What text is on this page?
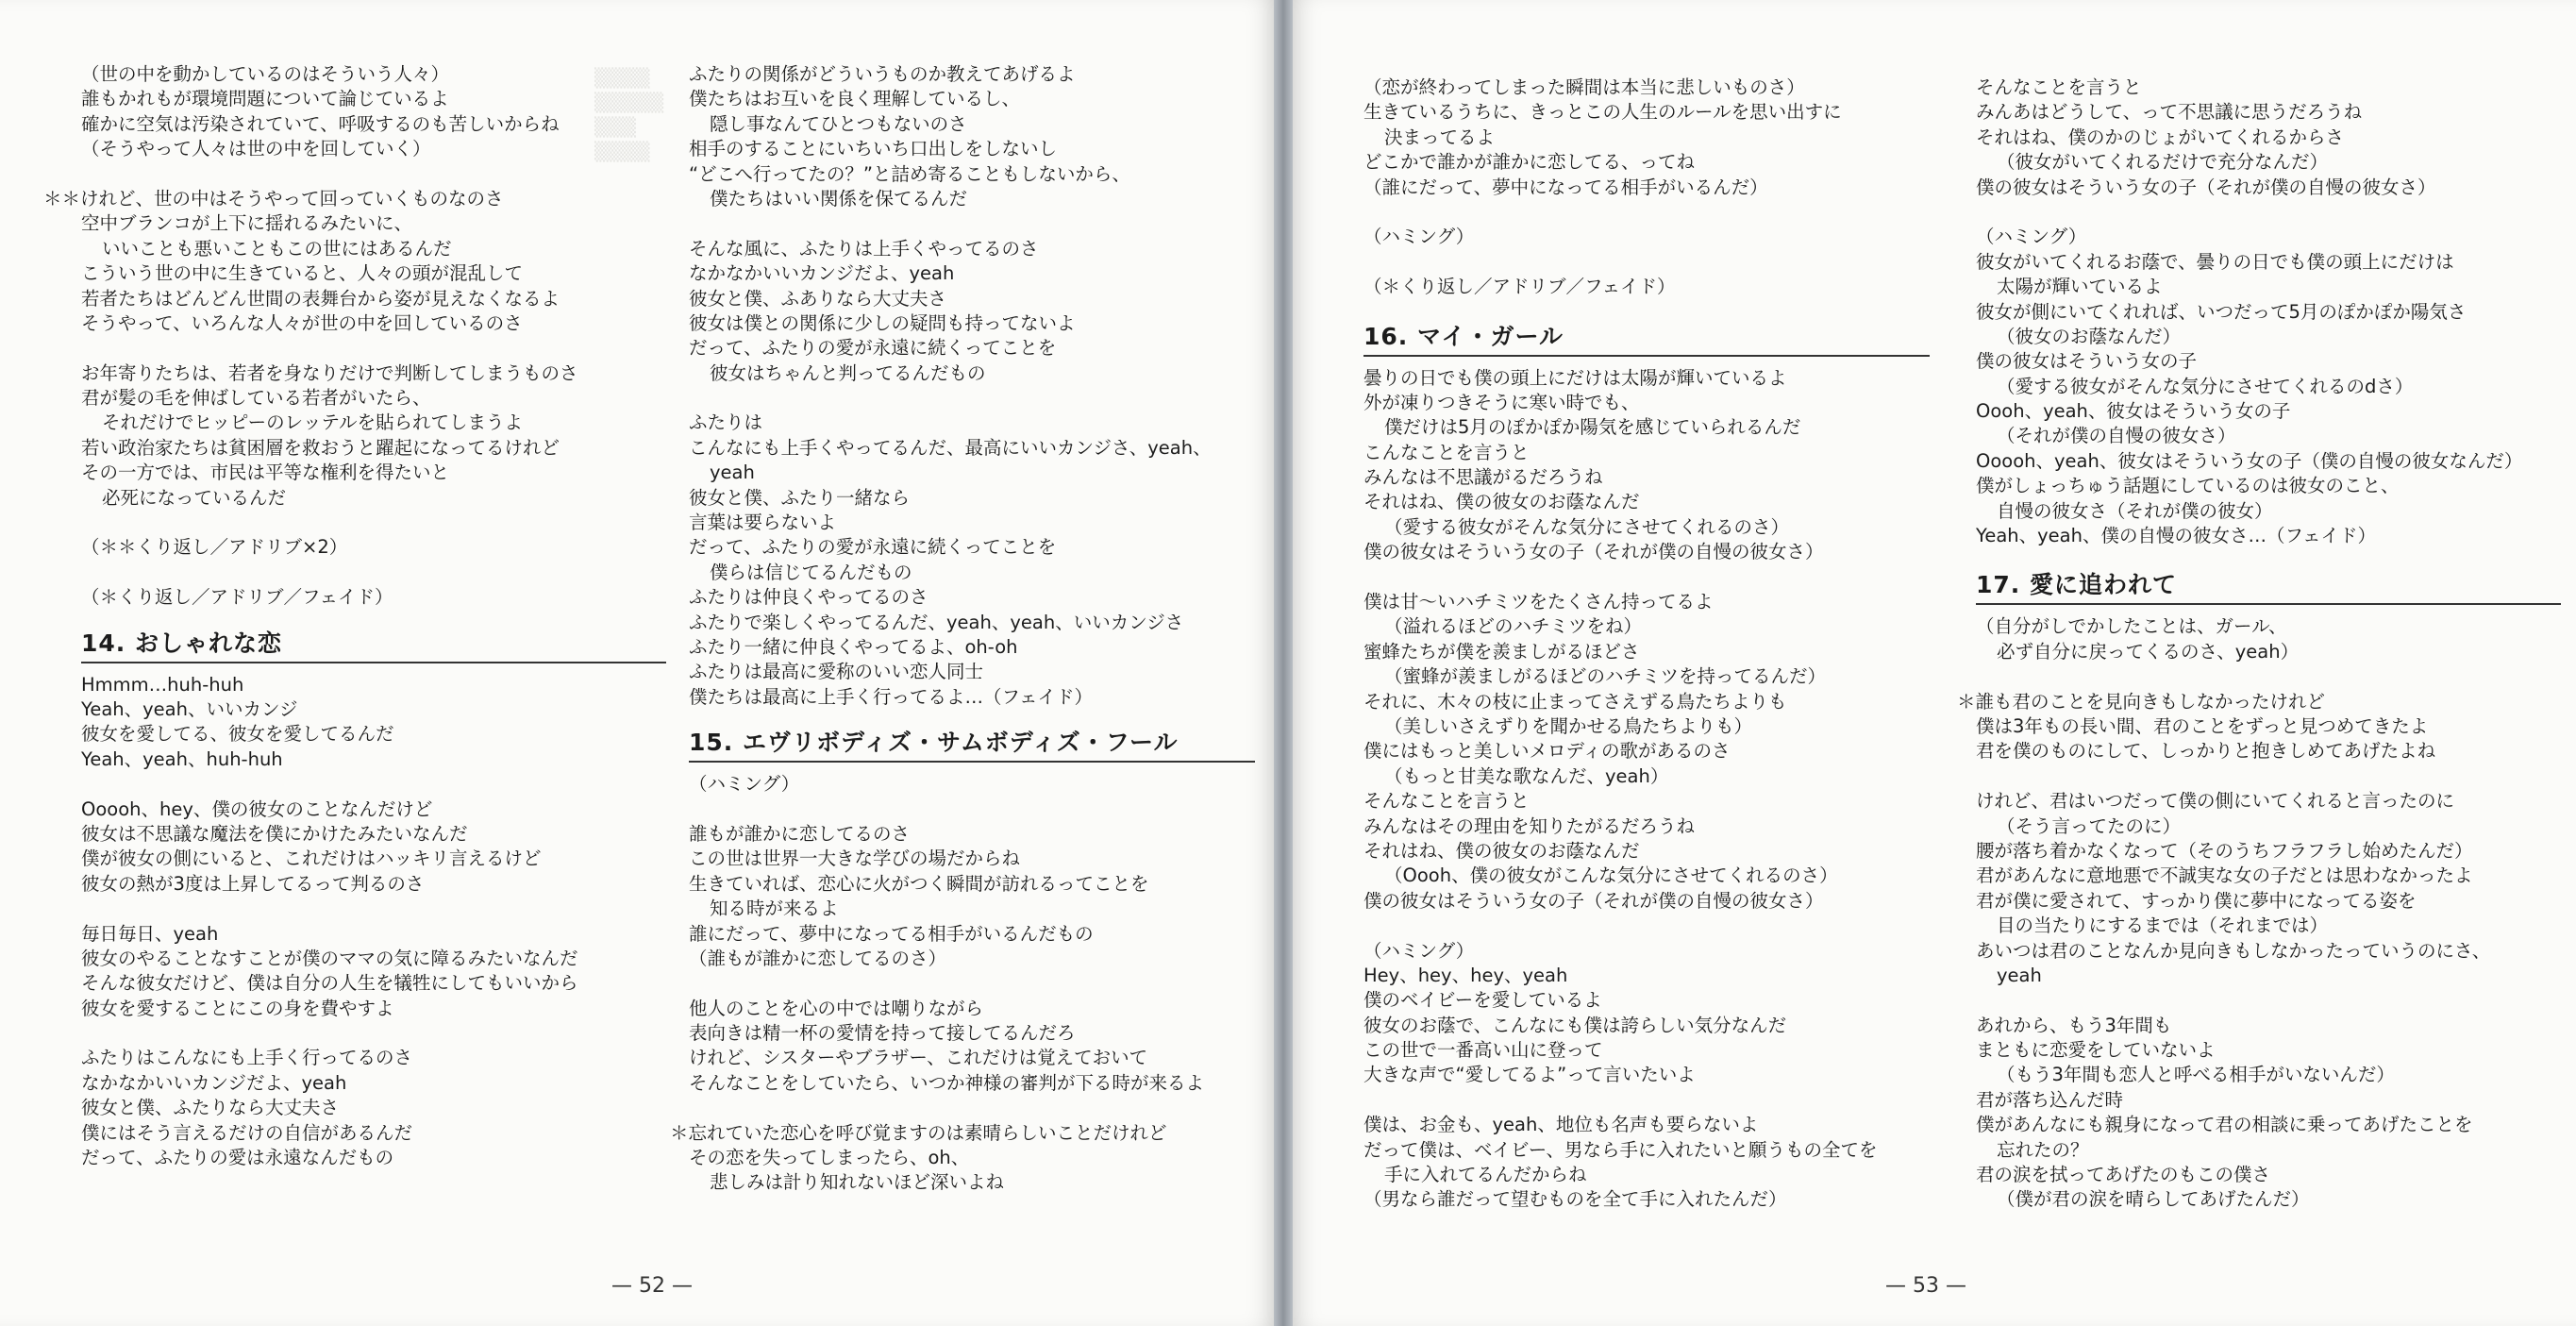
▒▒▒▒
▒▒▒▒▒
▒▒▒
▒▒▒▒
（世の中を動かしているのはそういう人々）
誰もかれもが環境問題について論じているよ
確かに空気は汚染されていて、呼吸するのも苦しいからね
（そうやって人々は世の中を回していく）
＊＊けれど、世の中はそうやって回っていくものなのさ
空中ブランコが上下に揺れるみたいに、
いいことも悪いこともこの世にはあるんだ
こういう世の中に生きていると、人々の頭が混乱して
若者たちはどんどん世間の表舞台から姿が見えなくなるよ
そうやって、いろんな人々が世の中を回しているのさ
お年寄りたちは、若者を身なりだけで判断してしまうものさ
君が髪の毛を伸ばしている若者がいたら、
それだけでヒッピーのレッテルを貼られてしまうよ
若い政治家たちは貧困層を救おうと躍起になってるけれど
その一方では、市民は平等な権利を得たいと
必死になっているんだ
（＊＊くり返し／アドリブ×2）
（＊くり返し／アドリブ／フェイド）
14. おしゃれな恋
Hmmm…huh-huh
Yeah、yeah、いいカンジ
彼女を愛してる、彼女を愛してるんだ
Yeah、yeah、huh-huh
Ooooh、hey、僕の彼女のことなんだけど
彼女は不思議な魔法を僕にかけたみたいなんだ
僕が彼女の側にいると、これだけはハッキリ言えるけど
彼女の熱が3度は上昇してるって判るのさ
毎日毎日、yeah
彼女のやることなすことが僕のママの気に障るみたいなんだ
そんな彼女だけど、僕は自分の人生を犠牲にしてもいいから
彼女を愛することにこの身を費やすよ
ふたりはこんなにも上手く行ってるのさ
なかなかいいカンジだよ、yeah
彼女と僕、ふたりなら大丈夫さ
僕にはそう言えるだけの自信があるんだ
だって、ふたりの愛は永遠なんだもの
ふたりの関係がどういうものか教えてあげるよ
僕たちはお互いを良く理解しているし、
隠し事なんてひとつもないのさ
相手のすることにいちいち口出しをしないし
“どこへ行ってたの？”と詰め寄ることもしないから、
僕たちはいい関係を保てるんだ
そんな風に、ふたりは上手くやってるのさ
なかなかいいカンジだよ、yeah
彼女と僕、ふありなら大丈夫さ
彼女は僕との関係に少しの疑問も持ってないよ
だって、ふたりの愛が永遠に続くってことを
彼女はちゃんと判ってるんだもの
ふたりは
こんなにも上手くやってるんだ、最高にいいカンジさ、yeah、
yeah
彼女と僕、ふたり一緒なら
言葉は要らないよ
だって、ふたりの愛が永遠に続くってことを
僕らは信じてるんだもの
ふたりは仲良くやってるのさ
ふたりで楽しくやってるんだ、yeah、yeah、いいカンジさ
ふたり一緒に仲良くやってるよ、oh-oh
ふたりは最高に愛称のいい恋人同士
僕たちは最高に上手く行ってるよ…（フェイド）
15. エヴリボディズ・サムボディズ・フール
（ハミング）
誰もが誰かに恋してるのさ
この世は世界一大きな学びの場だからね
生きていれば、恋心に火がつく瞬間が訪れるってことを
知る時が来るよ
誰にだって、夢中になってる相手がいるんだもの
（誰もが誰かに恋してるのさ）
他人のことを心の中では嘲りながら
表向きは精一杯の愛情を持って接してるんだろ
けれど、シスターやブラザー、これだけは覚えておいて
そんなことをしていたら、いつか神様の審判が下る時が来るよ
＊忘れていた恋心を呼び覚ますのは素晴らしいことだけれど
その恋を失ってしまったら、oh、
悲しみは計り知れないほど深いよね
— 52 —
（恋が終わってしまった瞬間は本当に悲しいものさ）
生きているうちに、きっとこの人生のルールを思い出すに
決まってるよ
どこかで誰かが誰かに恋してる、ってね
（誰にだって、夢中になってる相手がいるんだ）
（ハミング）
（＊くり返し／アドリブ／フェイド）
16. マイ・ガール
曇りの日でも僕の頭上にだけは太陽が輝いているよ
外が凍りつきそうに寒い時でも、
僕だけは5月のぽかぽか陽気を感じていられるんだ
こんなことを言うと
みんなは不思議がるだろうね
それはね、僕の彼女のお蔭なんだ
（愛する彼女がそんな気分にさせてくれるのさ）
僕の彼女はそういう女の子（それが僕の自慢の彼女さ）
僕は甘～いハチミツをたくさん持ってるよ
（溢れるほどのハチミツをね）
蜜蜂たちが僕を羨ましがるほどさ
（蜜蜂が羨ましがるほどのハチミツを持ってるんだ）
それに、木々の枝に止まってさえずる鳥たちよりも
（美しいさえずりを聞かせる鳥たちよりも）
僕にはもっと美しいメロディの歌があるのさ
（もっと甘美な歌なんだ、yeah）
そんなことを言うと
みんなはその理由を知りたがるだろうね
それはね、僕の彼女のお蔭なんだ
（Oooh、僕の彼女がこんな気分にさせてくれるのさ）
僕の彼女はそういう女の子（それが僕の自慢の彼女さ）
（ハミング）
Hey、hey、hey、yeah
僕のベイビーを愛しているよ
彼女のお蔭で、こんなにも僕は誇らしい気分なんだ
この世で一番高い山に登って
大きな声で“愛してるよ”って言いたいよ
僕は、お金も、yeah、地位も名声も要らないよ
だって僕は、ベイビー、男なら手に入れたいと願うもの全てを
手に入れてるんだからね
（男なら誰だって望むものを全て手に入れたんだ）
そんなことを言うと
みんあはどうして、って不思議に思うだろうね
それはね、僕のかのじょがいてくれるからさ
（彼女がいてくれるだけで充分なんだ）
僕の彼女はそういう女の子（それが僕の自慢の彼女さ）
（ハミング）
彼女がいてくれるお蔭で、曇りの日でも僕の頭上にだけは
太陽が輝いているよ
彼女が側にいてくれれば、いつだって5月のぽかぽか陽気さ
（彼女のお蔭なんだ）
僕の彼女はそういう女の子
（愛する彼女がそんな気分にさせてくれるのdさ）
Oooh、yeah、彼女はそういう女の子
（それが僕の自慢の彼女さ）
Ooooh、yeah、彼女はそういう女の子（僕の自慢の彼女なんだ）
僕がしょっちゅう話題にしているのは彼女のこと、
自慢の彼女さ（それが僕の彼女）
Yeah、yeah、僕の自慢の彼女さ…（フェイド）
17. 愛に追われて
（自分がしでかしたことは、ガール、
必ず自分に戻ってくるのさ、yeah）
＊誰も君のことを見向きもしなかったけれど
僕は3年もの長い間、君のことをずっと見つめてきたよ
君を僕のものにして、しっかりと抱きしめてあげたよね
けれど、君はいつだって僕の側にいてくれると言ったのに
（そう言ってたのに）
腰が落ち着かなくなって（そのうちフラフラし始めたんだ）
君があんなに意地悪で不誠実な女の子だとは思わなかったよ
君が僕に愛されて、すっかり僕に夢中になってる姿を
目の当たりにするまでは（それまでは）
あいつは君のことなんか見向きもしなかったっていうのにさ、
yeah
あれから、もう3年間も
まともに恋愛をしていないよ
（もう3年間も恋人と呼べる相手がいないんだ）
君が落ち込んだ時
僕があんなにも親身になって君の相談に乗ってあげたことを
忘れたの？
君の涙を拭ってあげたのもこの僕さ
（僕が君の涙を晴らしてあげたんだ）
— 53 —
